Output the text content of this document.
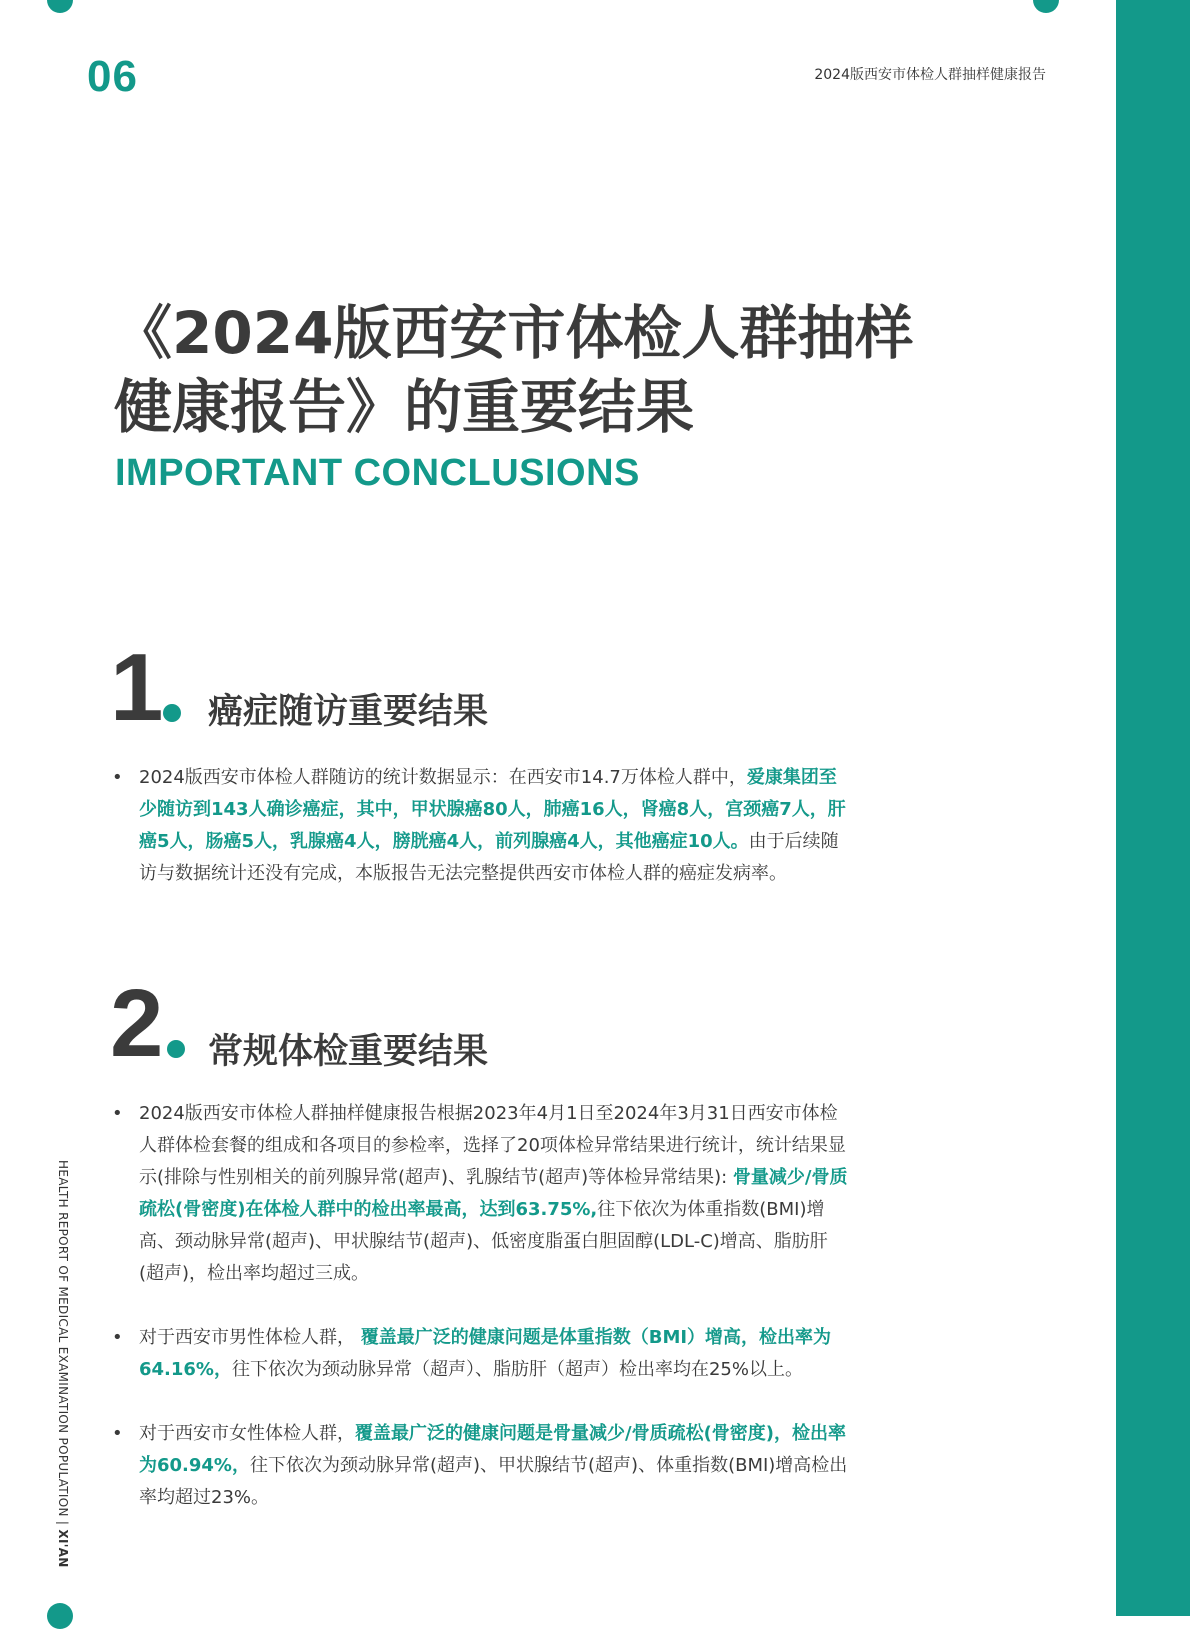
06	2024版西安市体检人群抽样健康报告
《2024版西安市体检人群抽样
健康报告》的重要结果
IMPORTANT CONCLUSIONS
1 癌症随访重要结果
• 2024版西安市体检人群随访的统计数据显示：在西安市14.7万体检人群中，爱康集团至少随访到143人确诊癌症，其中，甲状腺癌80人，肺癌16人，肾癌8人，宫颈癌7人，肝癌5人，肠癌5人，乳腺癌4人，膀胱癌4人，前列腺癌4人，其他癌症10人。由于后续随访与数据统计还没有完成，本版报告无法完整提供西安市体检人群的癌症发病率。
2 常规体检重要结果
• 2024版西安市体检人群抽样健康报告根据2023年4月1日至2024年3月31日西安市体检人群体检套餐的组成和各项目的参检率，选择了20项体检异常结果进行统计，统计结果显示(排除与性别相关的前列腺异常(超声)、乳腺结节(超声)等体检异常结果): 骨量减少/骨质疏松(骨密度)在体检人群中的检出率最高，达到63.75%,往下依次为体重指数(BMI)增高、颈动脉异常(超声)、甲状腺结节(超声)、低密度脂蛋白胆固醇(LDL-C)增高、脂肪肝(超声)，检出率均超过三成。
• 对于西安市男性体检人群， 覆盖最广泛的健康问题是体重指数（BMI）增高，检出率为64.16%，往下依次为颈动脉异常（超声）、脂肪肝（超声）检出率均在25%以上。
• 对于西安市女性体检人群，覆盖最广泛的健康问题是骨量减少/骨质疏松(骨密度)，检出率为60.94%，往下依次为颈动脉异常(超声)、甲状腺结节(超声)、体重指数(BMI)增高检出率均超过23%。
HEALTH REPORT OF MEDICAL EXAMINATION POPULATION | XI'AN
